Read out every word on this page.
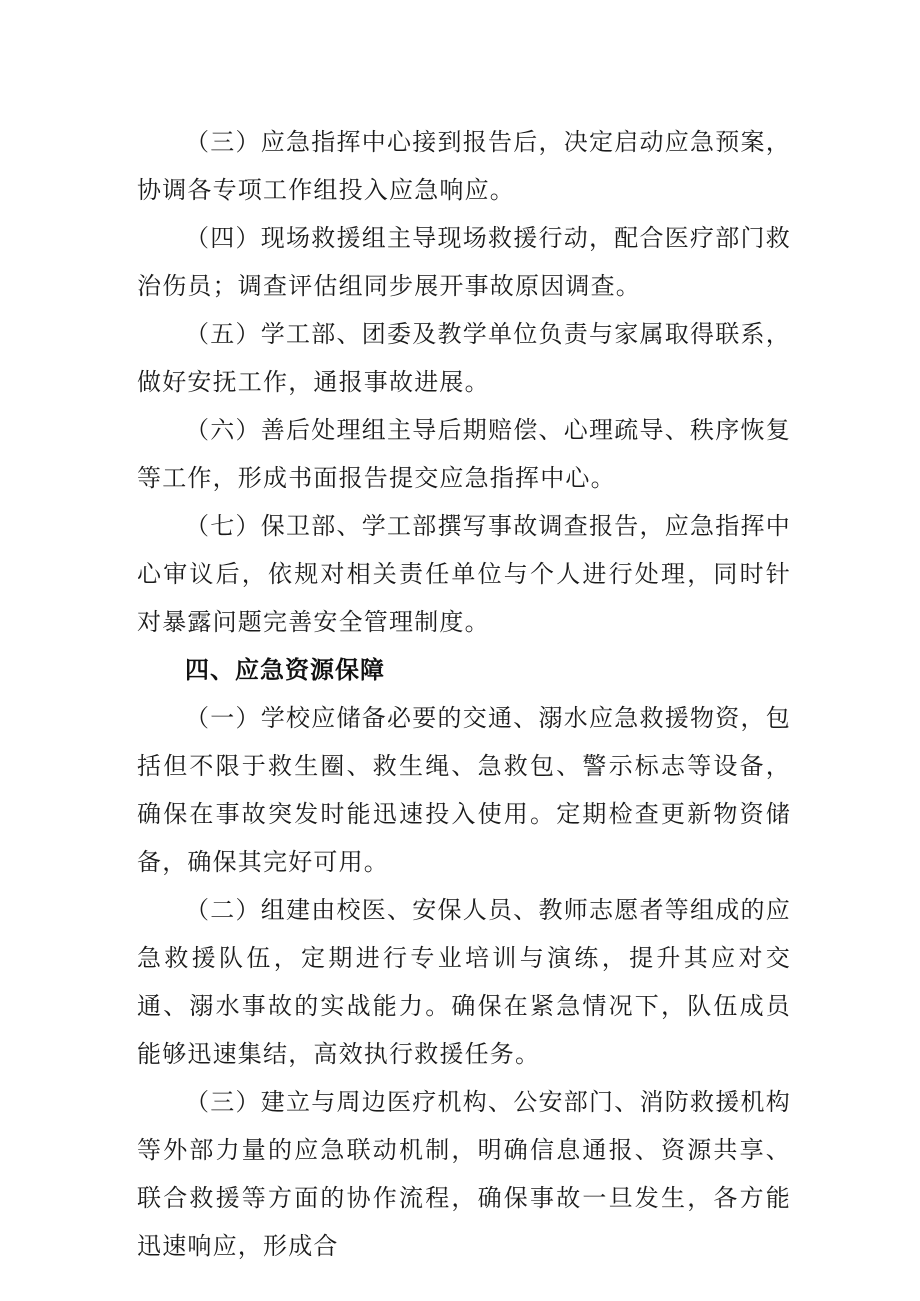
（三）应急指挥中心接到报告后，决定启动应急预案，协调各专项工作组投入应急响应。

（四）现场救援组主导现场救援行动，配合医疗部门救治伤员；调查评估组同步展开事故原因调查。

（五）学工部、团委及教学单位负责与家属取得联系，做好安抚工作，通报事故进展。

（六）善后处理组主导后期赔偿、心理疏导、秩序恢复等工作，形成书面报告提交应急指挥中心。

（七）保卫部、学工部撰写事故调查报告，应急指挥中心审议后，依规对相关责任单位与个人进行处理，同时针对暴露问题完善安全管理制度。

四、应急资源保障

（一）学校应储备必要的交通、溺水应急救援物资，包括但不限于救生圈、救生绳、急救包、警示标志等设备，确保在事故突发时能迅速投入使用。定期检查更新物资储备，确保其完好可用。

（二）组建由校医、安保人员、教师志愿者等组成的应急救援队伍，定期进行专业培训与演练，提升其应对交通、溺水事故的实战能力。确保在紧急情况下，队伍成员能够迅速集结，高效执行救援任务。

（三）建立与周边医疗机构、公安部门、消防救援机构等外部力量的应急联动机制，明确信息通报、资源共享、联合救援等方面的协作流程，确保事故一旦发生，各方能迅速响应，形成合
